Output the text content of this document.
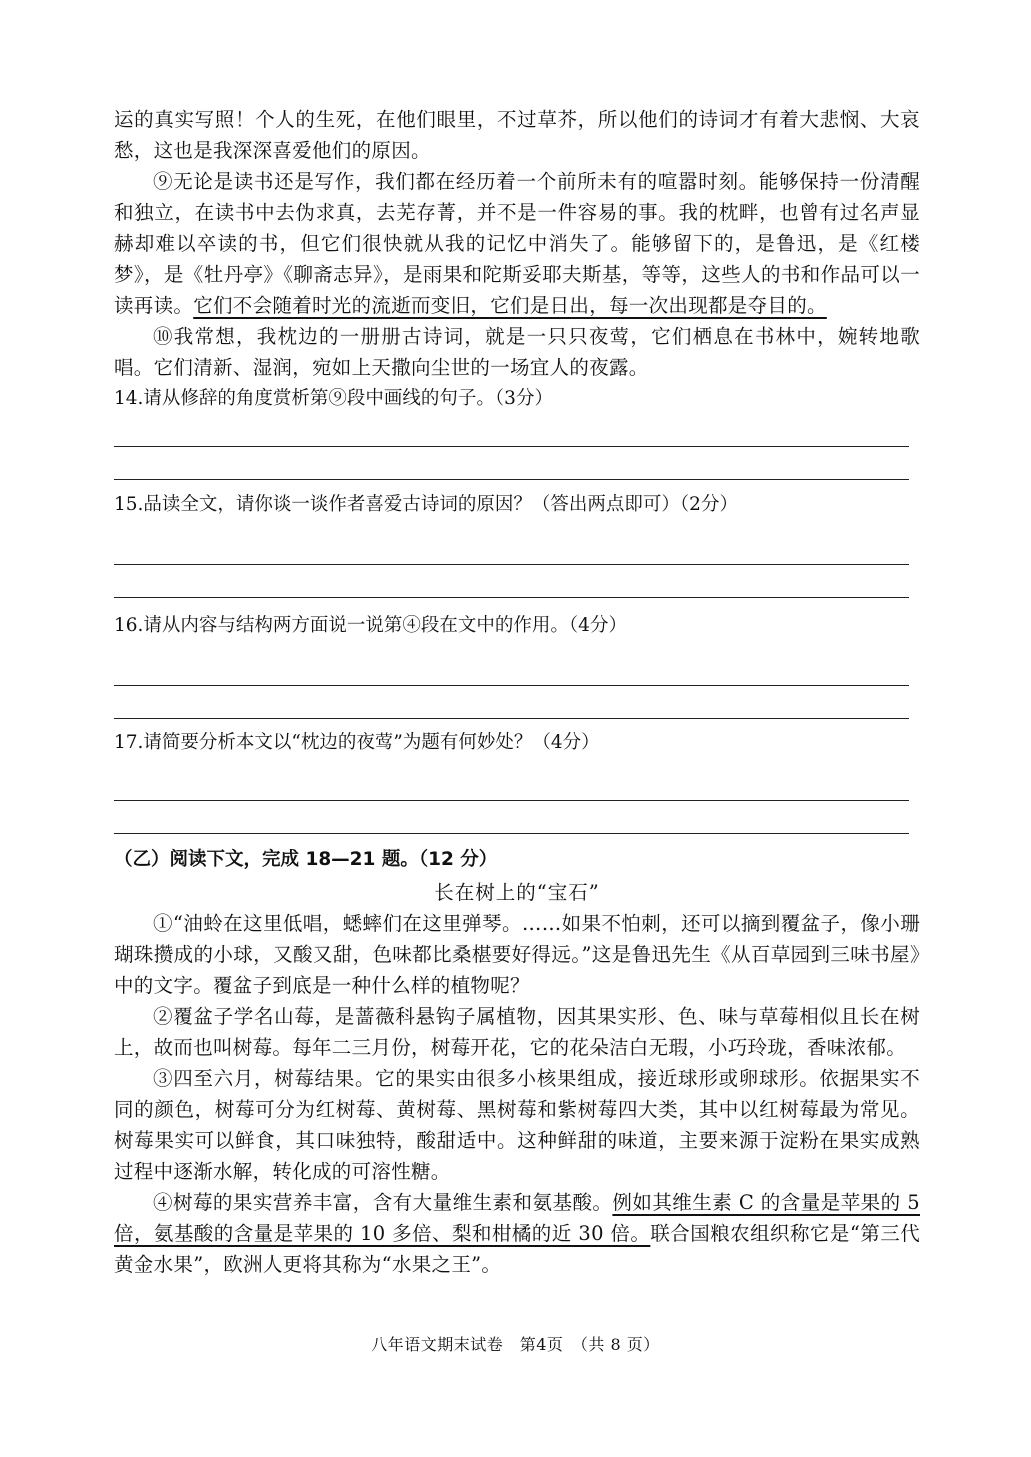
运的真实写照！个人的生死，在他们眼里，不过草芥，所以他们的诗词才有着大悲悯、大哀愁，这也是我深深喜爱他们的原因。

⑨无论是读书还是写作，我们都在经历着一个前所未有的喧嚣时刻。能够保持一份清醒和独立，在读书中去伪求真，去芜存菁，并不是一件容易的事。我的枕畔，也曾有过名声显赫却难以卒读的书，但它们很快就从我的记忆中消失了。能够留下的，是鲁迅，是《红楼梦》，是《牡丹亭》《聊斋志异》，是雨果和陀斯妥耶夫斯基，等等，这些人的书和作品可以一读再读。它们不会随着时光的流逝而变旧，它们是日出，每一次出现都是夺目的。

⑩我常想，我枕边的一册册古诗词，就是一只只夜莺，它们栖息在书林中，婉转地歌唱。它们清新、湿润，宛如上天撒向尘世的一场宜人的夜露。

14.请从修辞的角度赏析第⑨段中画线的句子。（3分）

15.品读全文，请你谈一谈作者喜爱古诗词的原因？（答出两点即可）（2分）

16.请从内容与结构两方面说一说第④段在文中的作用。（4分）

17.请简要分析本文以“枕边的夜莺”为题有何妙处？（4分）

（乙）阅读下文，完成 18—21 题。（12 分）

长在树上的“宝石”

①“油蛉在这里低唱，蟋蟀们在这里弹琴。……如果不怕刺，还可以摘到覆盆子，像小珊瑚珠攒成的小球，又酸又甜，色味都比桑椹要好得远。”这是鲁迅先生《从百草园到三味书屋》中的文字。覆盆子到底是一种什么样的植物呢？

②覆盆子学名山莓，是蔷薇科悬钩子属植物，因其果实形、色、味与草莓相似且长在树上，故而也叫树莓。每年二三月份，树莓开花，它的花朵洁白无瑕，小巧玲珑，香味浓郁。

③四至六月，树莓结果。它的果实由很多小核果组成，接近球形或卵球形。依据果实不同的颜色，树莓可分为红树莓、黄树莓、黑树莓和紫树莓四大类，其中以红树莓最为常见。树莓果实可以鲜食，其口味独特，酸甜适中。这种鲜甜的味道，主要来源于淀粉在果实成熟过程中逐渐水解，转化成的可溶性糖。

④树莓的果实营养丰富，含有大量维生素和氨基酸。例如其维生素 C 的含量是苹果的 5 倍，氨基酸的含量是苹果的 10 多倍、梨和柑橘的近 30 倍。联合国粮农组织称它是“第三代黄金水果”，欧洲人更将其称为“水果之王”。

八年语文期末试卷　第4页　（共 8 页）
